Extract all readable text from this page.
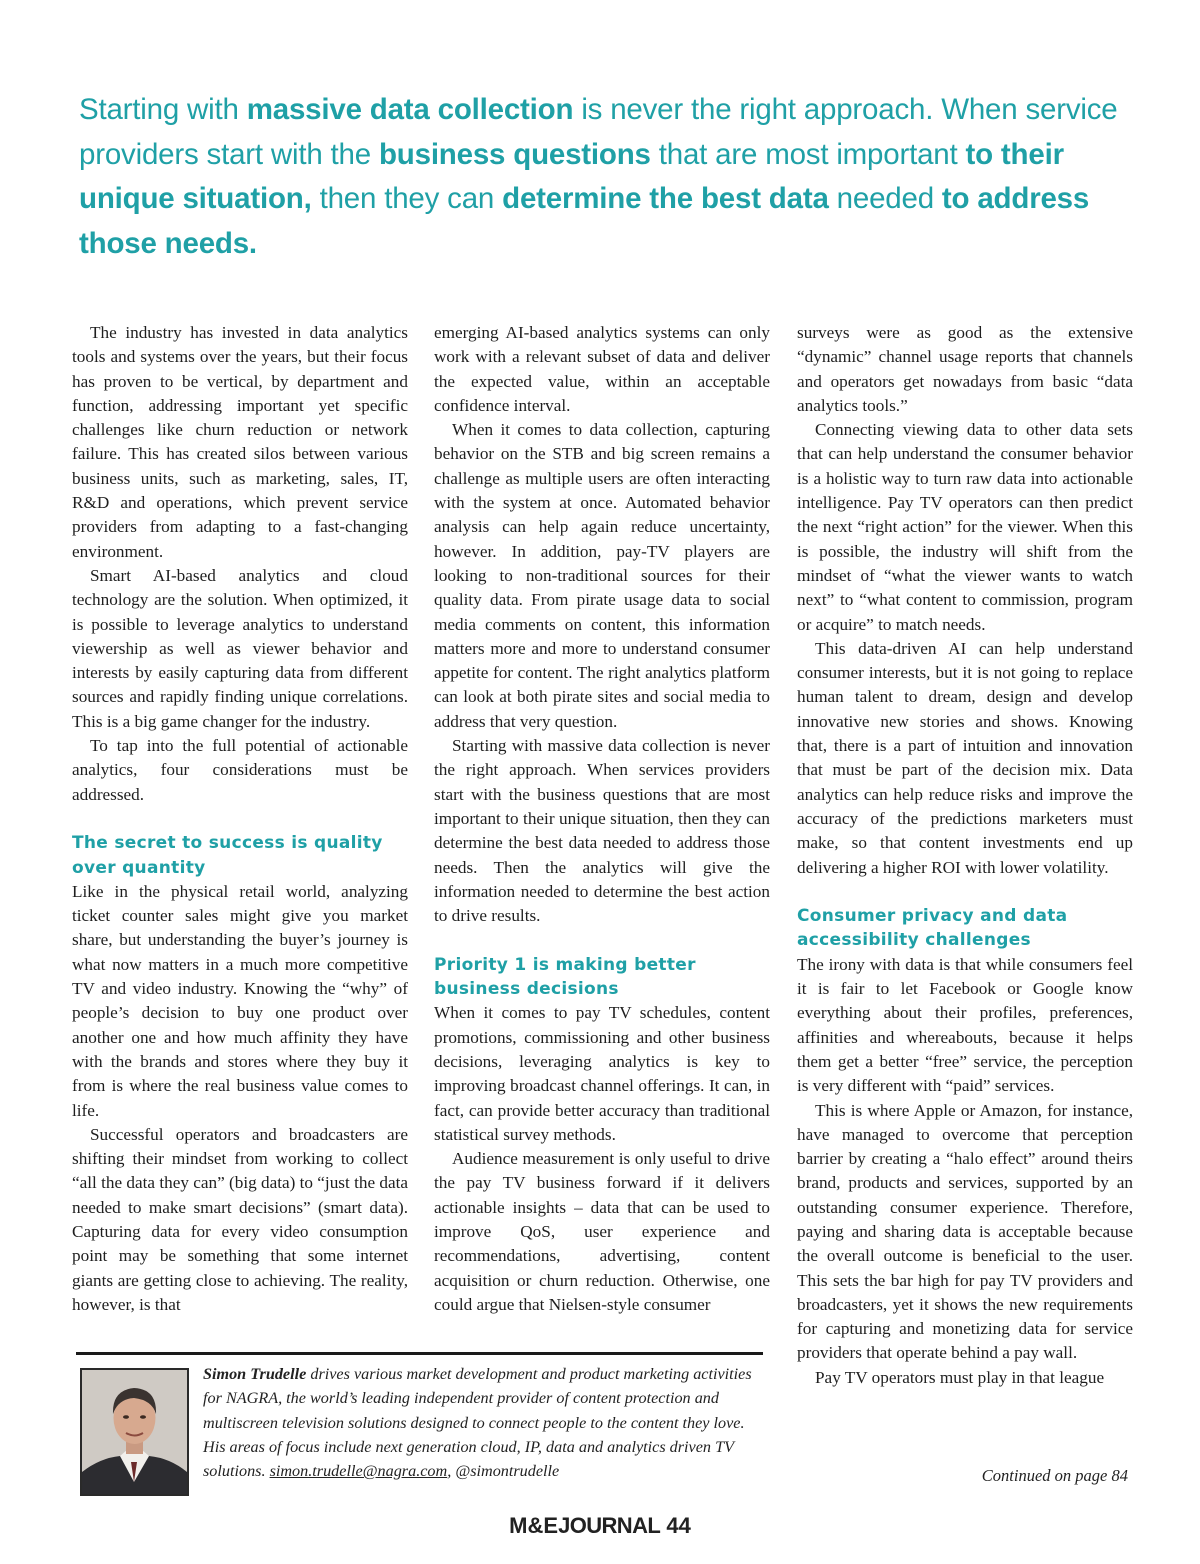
Starting with massive data collection is never the right approach. When service providers start with the business questions that are most important to their unique situation, then they can determine the best data needed to address those needs.

The industry has invested in data analytics tools and systems over the years, but their focus has proven to be vertical, by department and function, addressing important yet specific challenges like churn reduction or network failure. This has created silos between various business units, such as marketing, sales, IT, R&D and operations, which prevent service providers from adapting to a fast-changing environment.

Smart AI-based analytics and cloud technology are the solution. When optimized, it is possible to leverage analytics to understand viewership as well as viewer behavior and interests by easily capturing data from different sources and rapidly finding unique correlations. This is a big game changer for the industry.

To tap into the full potential of actionable analytics, four considerations must be addressed.

The secret to success is quality over quantity

Like in the physical retail world, analyzing ticket counter sales might give you market share, but understanding the buyer’s journey is what now matters in a much more competitive TV and video industry. Knowing the “why” of people’s decision to buy one product over another one and how much affinity they have with the brands and stores where they buy it from is where the real business value comes to life.

Successful operators and broadcasters are shifting their mindset from working to collect “all the data they can” (big data) to “just the data needed to make smart decisions” (smart data). Capturing data for every video consumption point may be something that some internet giants are getting close to achieving. The reality, however, is that

emerging AI-based analytics systems can only work with a relevant subset of data and deliver the expected value, within an acceptable confidence interval.

When it comes to data collection, capturing behavior on the STB and big screen remains a challenge as multiple users are often interacting with the system at once. Automated behavior analysis can help again reduce uncertainty, however. In addition, pay-TV players are looking to non-traditional sources for their quality data. From pirate usage data to social media comments on content, this information matters more and more to understand consumer appetite for content. The right analytics platform can look at both pirate sites and social media to address that very question.

Starting with massive data collection is never the right approach. When services providers start with the business questions that are most important to their unique situation, then they can determine the best data needed to address those needs. Then the analytics will give the information needed to determine the best action to drive results.

Priority 1 is making better business decisions

When it comes to pay TV schedules, content promotions, commissioning and other business decisions, leveraging analytics is key to improving broadcast channel offerings. It can, in fact, can provide better accuracy than traditional statistical survey methods.

Audience measurement is only useful to drive the pay TV business forward if it delivers actionable insights – data that can be used to improve QoS, user experience and recommendations, advertising, content acquisition or churn reduction. Otherwise, one could argue that Nielsen-style consumer

surveys were as good as the extensive “dynamic” channel usage reports that channels and operators get nowadays from basic “data analytics tools.”

Connecting viewing data to other data sets that can help understand the consumer behavior is a holistic way to turn raw data into actionable intelligence. Pay TV operators can then predict the next “right action” for the viewer. When this is possible, the industry will shift from the mindset of “what the viewer wants to watch next” to “what content to commission, program or acquire” to match needs.

This data-driven AI can help understand consumer interests, but it is not going to replace human talent to dream, design and develop innovative new stories and shows. Knowing that, there is a part of intuition and innovation that must be part of the decision mix. Data analytics can help reduce risks and improve the accuracy of the predictions marketers must make, so that content investments end up delivering a higher ROI with lower volatility.

Consumer privacy and data accessibility challenges

The irony with data is that while consumers feel it is fair to let Facebook or Google know everything about their profiles, preferences, affinities and whereabouts, because it helps them get a better “free” service, the perception is very different with “paid” services.

This is where Apple or Amazon, for instance, have managed to overcome that perception barrier by creating a “halo effect” around theirs brand, products and services, supported by an outstanding consumer experience. Therefore, paying and sharing data is acceptable because the overall outcome is beneficial to the user. This sets the bar high for pay TV providers and broadcasters, yet it shows the new requirements for capturing and monetizing data for service providers that operate behind a pay wall.

Pay TV operators must play in that league

Simon Trudelle drives various market development and product marketing activities for NAGRA, the world’s leading independent provider of content protection and multiscreen television solutions designed to connect people to the content they love. His areas of focus include next generation cloud, IP, data and analytics driven TV solutions. simon.trudelle@nagra.com, @simontrudelle	Continued on page 84
M&EJOURNAL 44
